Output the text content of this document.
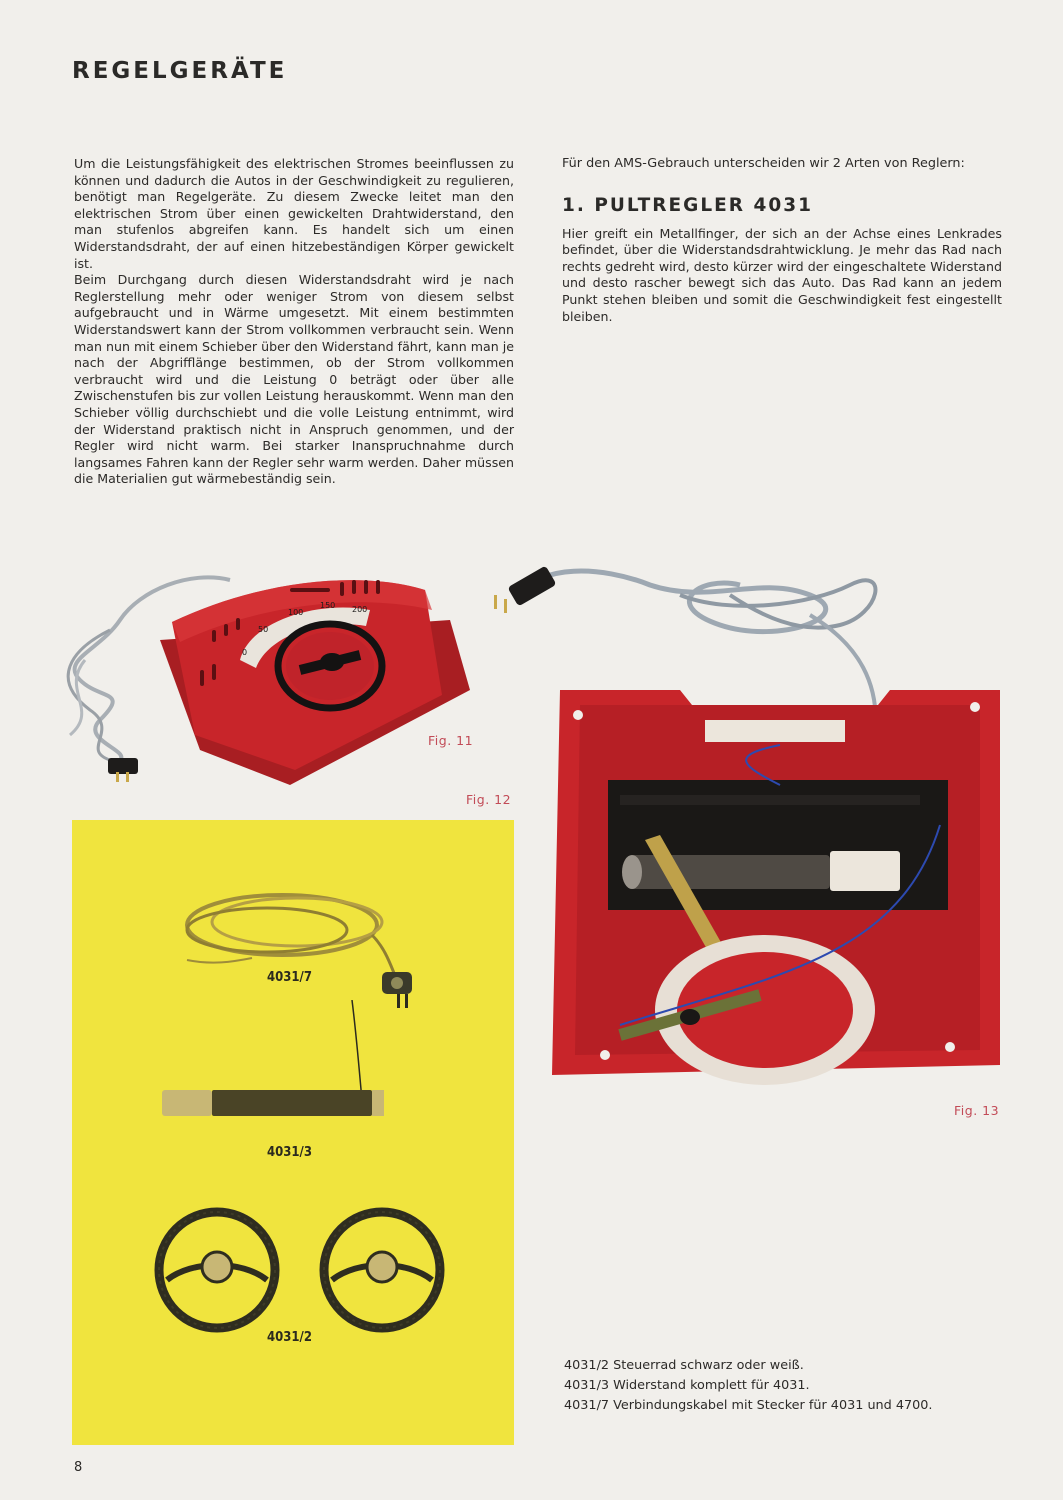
REGELGERÄTE

Um die Leistungsfähigkeit des elektrischen Stromes beeinflussen zu können und dadurch die Autos in der Geschwindigkeit zu regulieren, benötigt man Regelgeräte. Zu diesem Zwecke leitet man den elektrischen Strom über einen gewickelten Drahtwiderstand, den man stufenlos abgreifen kann. Es handelt sich um einen Widerstandsdraht, der auf einen hitzebeständigen Körper gewickelt ist.

Beim Durchgang durch diesen Widerstandsdraht wird je nach Reglerstellung mehr oder weniger Strom von diesem selbst aufgebraucht und in Wärme umgesetzt. Mit einem bestimmten Widerstandswert kann der Strom vollkommen verbraucht sein. Wenn man nun mit einem Schieber über den Widerstand fährt, kann man je nach der Abgrifflänge bestimmen, ob der Strom vollkommen verbraucht wird und die Leistung 0 beträgt oder über alle Zwischenstufen bis zur vollen Leistung herauskommt. Wenn man den Schieber völlig durchschiebt und die volle Leistung entnimmt, wird der Widerstand praktisch nicht in Anspruch genommen, und der Regler wird nicht warm. Bei starker Inanspruchnahme durch langsames Fahren kann der Regler sehr warm werden. Daher müssen die Materialien gut wärmebeständig sein.

Für den AMS-Gebrauch unterscheiden wir 2 Arten von Reglern:
1. PULTREGLER 4031
Hier greift ein Metallfinger, der sich an der Achse eines Lenkrades befindet, über die Widerstandsdrahtwicklung. Je mehr das Rad nach rechts gedreht wird, desto kürzer wird der eingeschaltete Widerstand und desto rascher bewegt sich das Auto. Das Rad kann an jedem Punkt stehen bleiben und somit die Geschwindigkeit fest eingestellt bleiben.
0
50
100
150 200
Fig. 11
Fig. 12
Fig. 13
4031/7
4031/3
4031/2
4031/2 Steuerrad schwarz oder weiß.
4031/3 Widerstand komplett für 4031.
4031/7 Verbindungskabel mit Stecker für 4031 und 4700.
8
